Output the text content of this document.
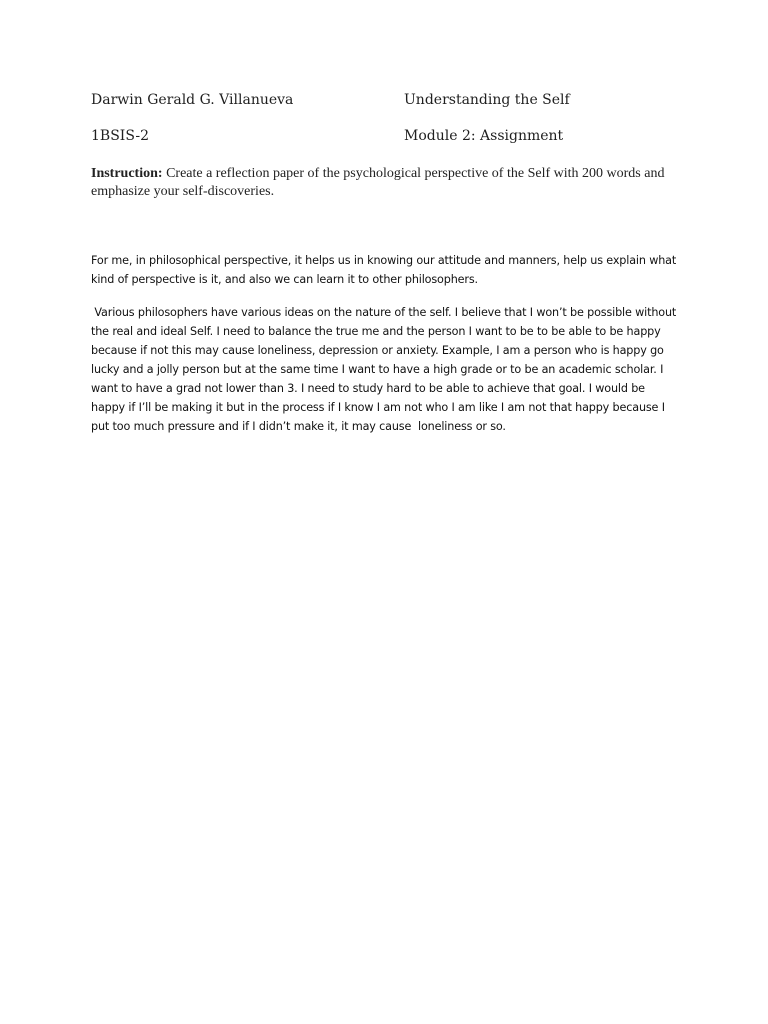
Darwin Gerald G. Villanueva	Understanding the Self
1BSIS-2	Module 2: Assignment
Instruction: Create a reflection paper of the psychological perspective of the Self with 200 words and emphasize your self-discoveries.

For me, in philosophical perspective, it helps us in knowing our attitude and manners, help us explain what kind of perspective is it, and also we can learn it to other philosophers.

Various philosophers have various ideas on the nature of the self. I believe that I won’t be possible without the real and ideal Self. I need to balance the true me and the person I want to be to be able to be happy because if not this may cause loneliness, depression or anxiety. Example, I am a person who is happy go lucky and a jolly person but at the same time I want to have a high grade or to be an academic scholar. I want to have a grad not lower than 3. I need to study hard to be able to achieve that goal. I would be happy if I’ll be making it but in the process if I know I am not who I am like I am not that happy because I put too much pressure and if I didn’t make it, it may cause  loneliness or so.
